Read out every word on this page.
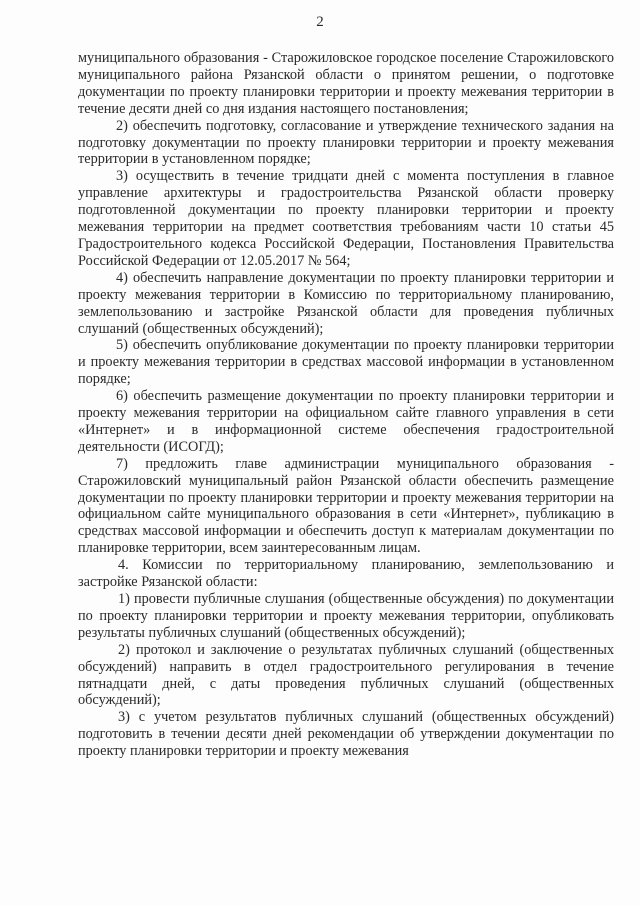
2

муниципального образования - Старожиловское городское поселение Старожиловского муниципального района Рязанской области о принятом решении, о подготовке документации по проекту планировки территории и проекту межевания территории в течение десяти дней со дня издания настоящего постановления;

2) обеспечить подготовку, согласование и утверждение технического задания на подготовку документации по проекту планировки территории и проекту межевания территории в установленном порядке;

3) осуществить в течение тридцати дней с момента поступления в главное управление архитектуры и градостроительства Рязанской области проверку подготовленной документации по проекту планировки территории и проекту межевания территории на предмет соответствия требованиям части 10 статьи 45 Градостроительного кодекса Российской Федерации, Постановления Правительства Российской Федерации от 12.05.2017 № 564;

4) обеспечить направление документации по проекту планировки территории и проекту межевания территории в Комиссию по территориальному планированию, землепользованию и застройке Рязанской области для проведения публичных слушаний (общественных обсуждений);

5) обеспечить опубликование документации по проекту планировки территории и проекту межевания территории в средствах массовой информации в установленном порядке;

6) обеспечить размещение документации по проекту планировки территории и проекту межевания территории на официальном сайте главного управления в сети «Интернет» и в информационной системе обеспечения градостроительной деятельности (ИСОГД);

7) предложить главе администрации муниципального образования - Старожиловский муниципальный район Рязанской области обеспечить размещение документации по проекту планировки территории и проекту межевания территории на официальном сайте муниципального образования в сети «Интернет», публикацию в средствах массовой информации и обеспечить доступ к материалам документации по планировке территории, всем заинтересованным лицам.

4. Комиссии по территориальному планированию, землепользованию и застройке Рязанской области:

1) провести публичные слушания (общественные обсуждения) по документации по проекту планировки территории и проекту межевания территории, опубликовать результаты публичных слушаний (общественных обсуждений);

2) протокол и заключение о результатах публичных слушаний (общественных обсуждений) направить в отдел градостроительного регулирования в течение пятнадцати дней, с даты проведения публичных слушаний (общественных обсуждений);

3) с учетом результатов публичных слушаний (общественных обсуждений) подготовить в течении десяти дней рекомендации об утверждении документации по проекту планировки территории и проекту межевания
